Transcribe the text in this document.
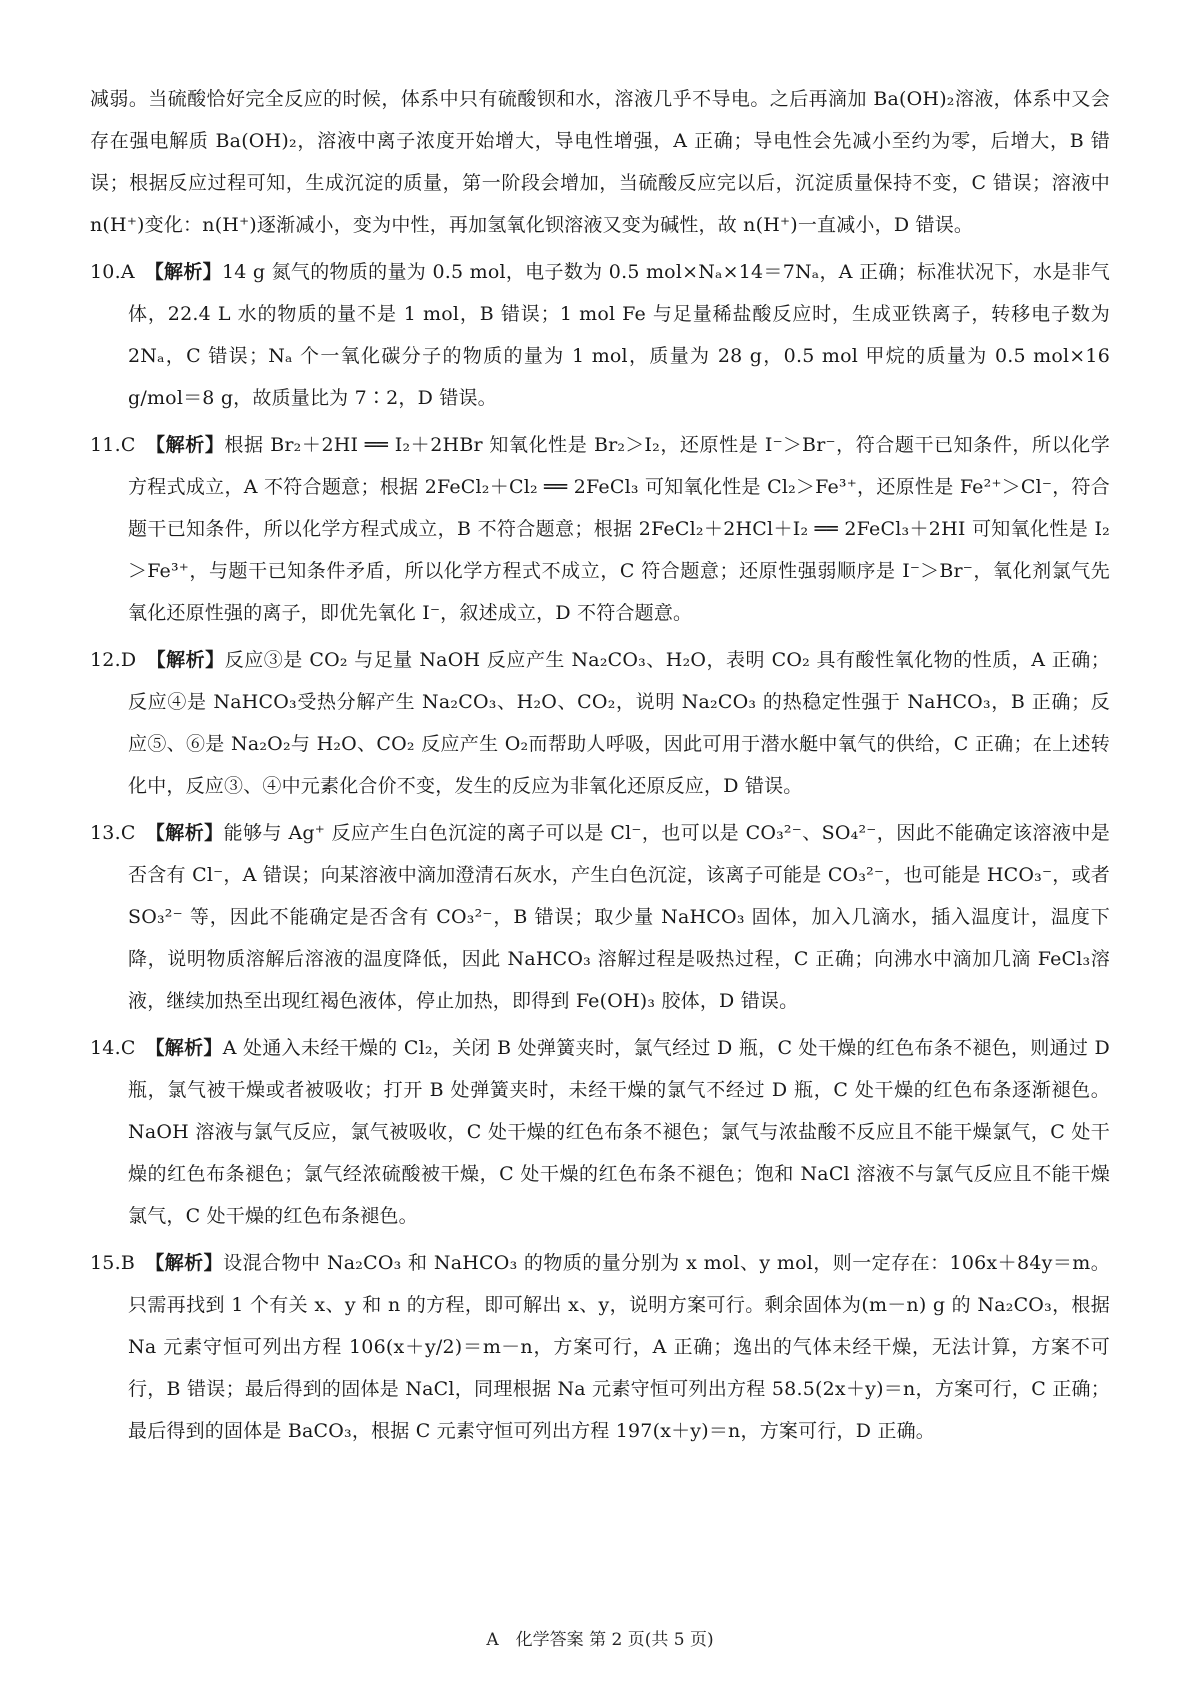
减弱。当硫酸恰好完全反应的时候，体系中只有硫酸钡和水，溶液几乎不导电。之后再滴加 Ba(OH)₂溶液，体系中又会存在强电解质 Ba(OH)₂，溶液中离子浓度开始增大，导电性增强，A 正确；导电性会先减小至约为零，后增大，B 错误；根据反应过程可知，生成沉淀的质量，第一阶段会增加，当硫酸反应完以后，沉淀质量保持不变，C 错误；溶液中 n(H⁺)变化：n(H⁺)逐渐减小，变为中性，再加氢氧化钡溶液又变为碱性，故 n(H⁺)一直减小，D 错误。

10.A　 【解析】14 g 氮气的物质的量为 0.5 mol，电子数为 0.5 mol×Nₐ×14＝7Nₐ，A 正确；标准状况下，水是非气体，22.4 L 水的物质的量不是 1 mol，B 错误；1 mol Fe 与足量稀盐酸反应时，生成亚铁离子，转移电子数为 2Nₐ，C 错误；Nₐ 个一氧化碳分子的物质的量为 1 mol，质量为 28 g，0.5 mol 甲烷的质量为 0.5 mol×16 g/mol＝8 g，故质量比为 7∶2，D 错误。

11.C　 【解析】根据 Br₂＋2HI ══ I₂＋2HBr 知氧化性是 Br₂＞I₂，还原性是 I⁻＞Br⁻，符合题干已知条件，所以化学方程式成立，A 不符合题意；根据 2FeCl₂＋Cl₂ ══ 2FeCl₃ 可知氧化性是 Cl₂＞Fe³⁺，还原性是 Fe²⁺＞Cl⁻，符合题干已知条件，所以化学方程式成立，B 不符合题意；根据 2FeCl₂＋2HCl＋I₂ ══ 2FeCl₃＋2HI 可知氧化性是 I₂＞Fe³⁺，与题干已知条件矛盾，所以化学方程式不成立，C 符合题意；还原性强弱顺序是 I⁻＞Br⁻，氧化剂氯气先氧化还原性强的离子，即优先氧化 I⁻，叙述成立，D 不符合题意。

12.D　 【解析】反应③是 CO₂ 与足量 NaOH 反应产生 Na₂CO₃、H₂O，表明 CO₂ 具有酸性氧化物的性质，A 正确；反应④是 NaHCO₃受热分解产生 Na₂CO₃、H₂O、CO₂，说明 Na₂CO₃ 的热稳定性强于 NaHCO₃，B 正确；反应⑤、⑥是 Na₂O₂与 H₂O、CO₂ 反应产生 O₂而帮助人呼吸，因此可用于潜水艇中氧气的供给，C 正确；在上述转化中，反应③、④中元素化合价不变，发生的反应为非氧化还原反应，D 错误。

13.C　 【解析】能够与 Ag⁺ 反应产生白色沉淀的离子可以是 Cl⁻，也可以是 CO₃²⁻、SO₄²⁻，因此不能确定该溶液中是否含有 Cl⁻，A 错误；向某溶液中滴加澄清石灰水，产生白色沉淀，该离子可能是 CO₃²⁻，也可能是 HCO₃⁻，或者 SO₃²⁻ 等，因此不能确定是否含有 CO₃²⁻，B 错误；取少量 NaHCO₃ 固体，加入几滴水，插入温度计，温度下降，说明物质溶解后溶液的温度降低，因此 NaHCO₃ 溶解过程是吸热过程，C 正确；向沸水中滴加几滴 FeCl₃溶液，继续加热至出现红褐色液体，停止加热，即得到 Fe(OH)₃ 胶体，D 错误。

14.C　 【解析】A 处通入未经干燥的 Cl₂，关闭 B 处弹簧夹时，氯气经过 D 瓶，C 处干燥的红色布条不褪色，则通过 D 瓶，氯气被干燥或者被吸收；打开 B 处弹簧夹时，未经干燥的氯气不经过 D 瓶，C 处干燥的红色布条逐渐褪色。NaOH 溶液与氯气反应，氯气被吸收，C 处干燥的红色布条不褪色；氯气与浓盐酸不反应且不能干燥氯气，C 处干燥的红色布条褪色；氯气经浓硫酸被干燥，C 处干燥的红色布条不褪色；饱和 NaCl 溶液不与氯气反应且不能干燥氯气，C 处干燥的红色布条褪色。

15.B　 【解析】设混合物中 Na₂CO₃ 和 NaHCO₃ 的物质的量分别为 x mol、y mol，则一定存在：106x＋84y＝m。只需再找到 1 个有关 x、y 和 n 的方程，即可解出 x、y，说明方案可行。剩余固体为(m－n) g 的 Na₂CO₃，根据 Na 元素守恒可列出方程 106(x＋y/2)＝m－n，方案可行，A 正确；逸出的气体未经干燥，无法计算，方案不可行，B 错误；最后得到的固体是 NaCl，同理根据 Na 元素守恒可列出方程 58.5(2x＋y)＝n，方案可行，C 正确；最后得到的固体是 BaCO₃，根据 C 元素守恒可列出方程 197(x＋y)＝n，方案可行，D 正确。

A　化学答案 第 2 页(共 5 页)
